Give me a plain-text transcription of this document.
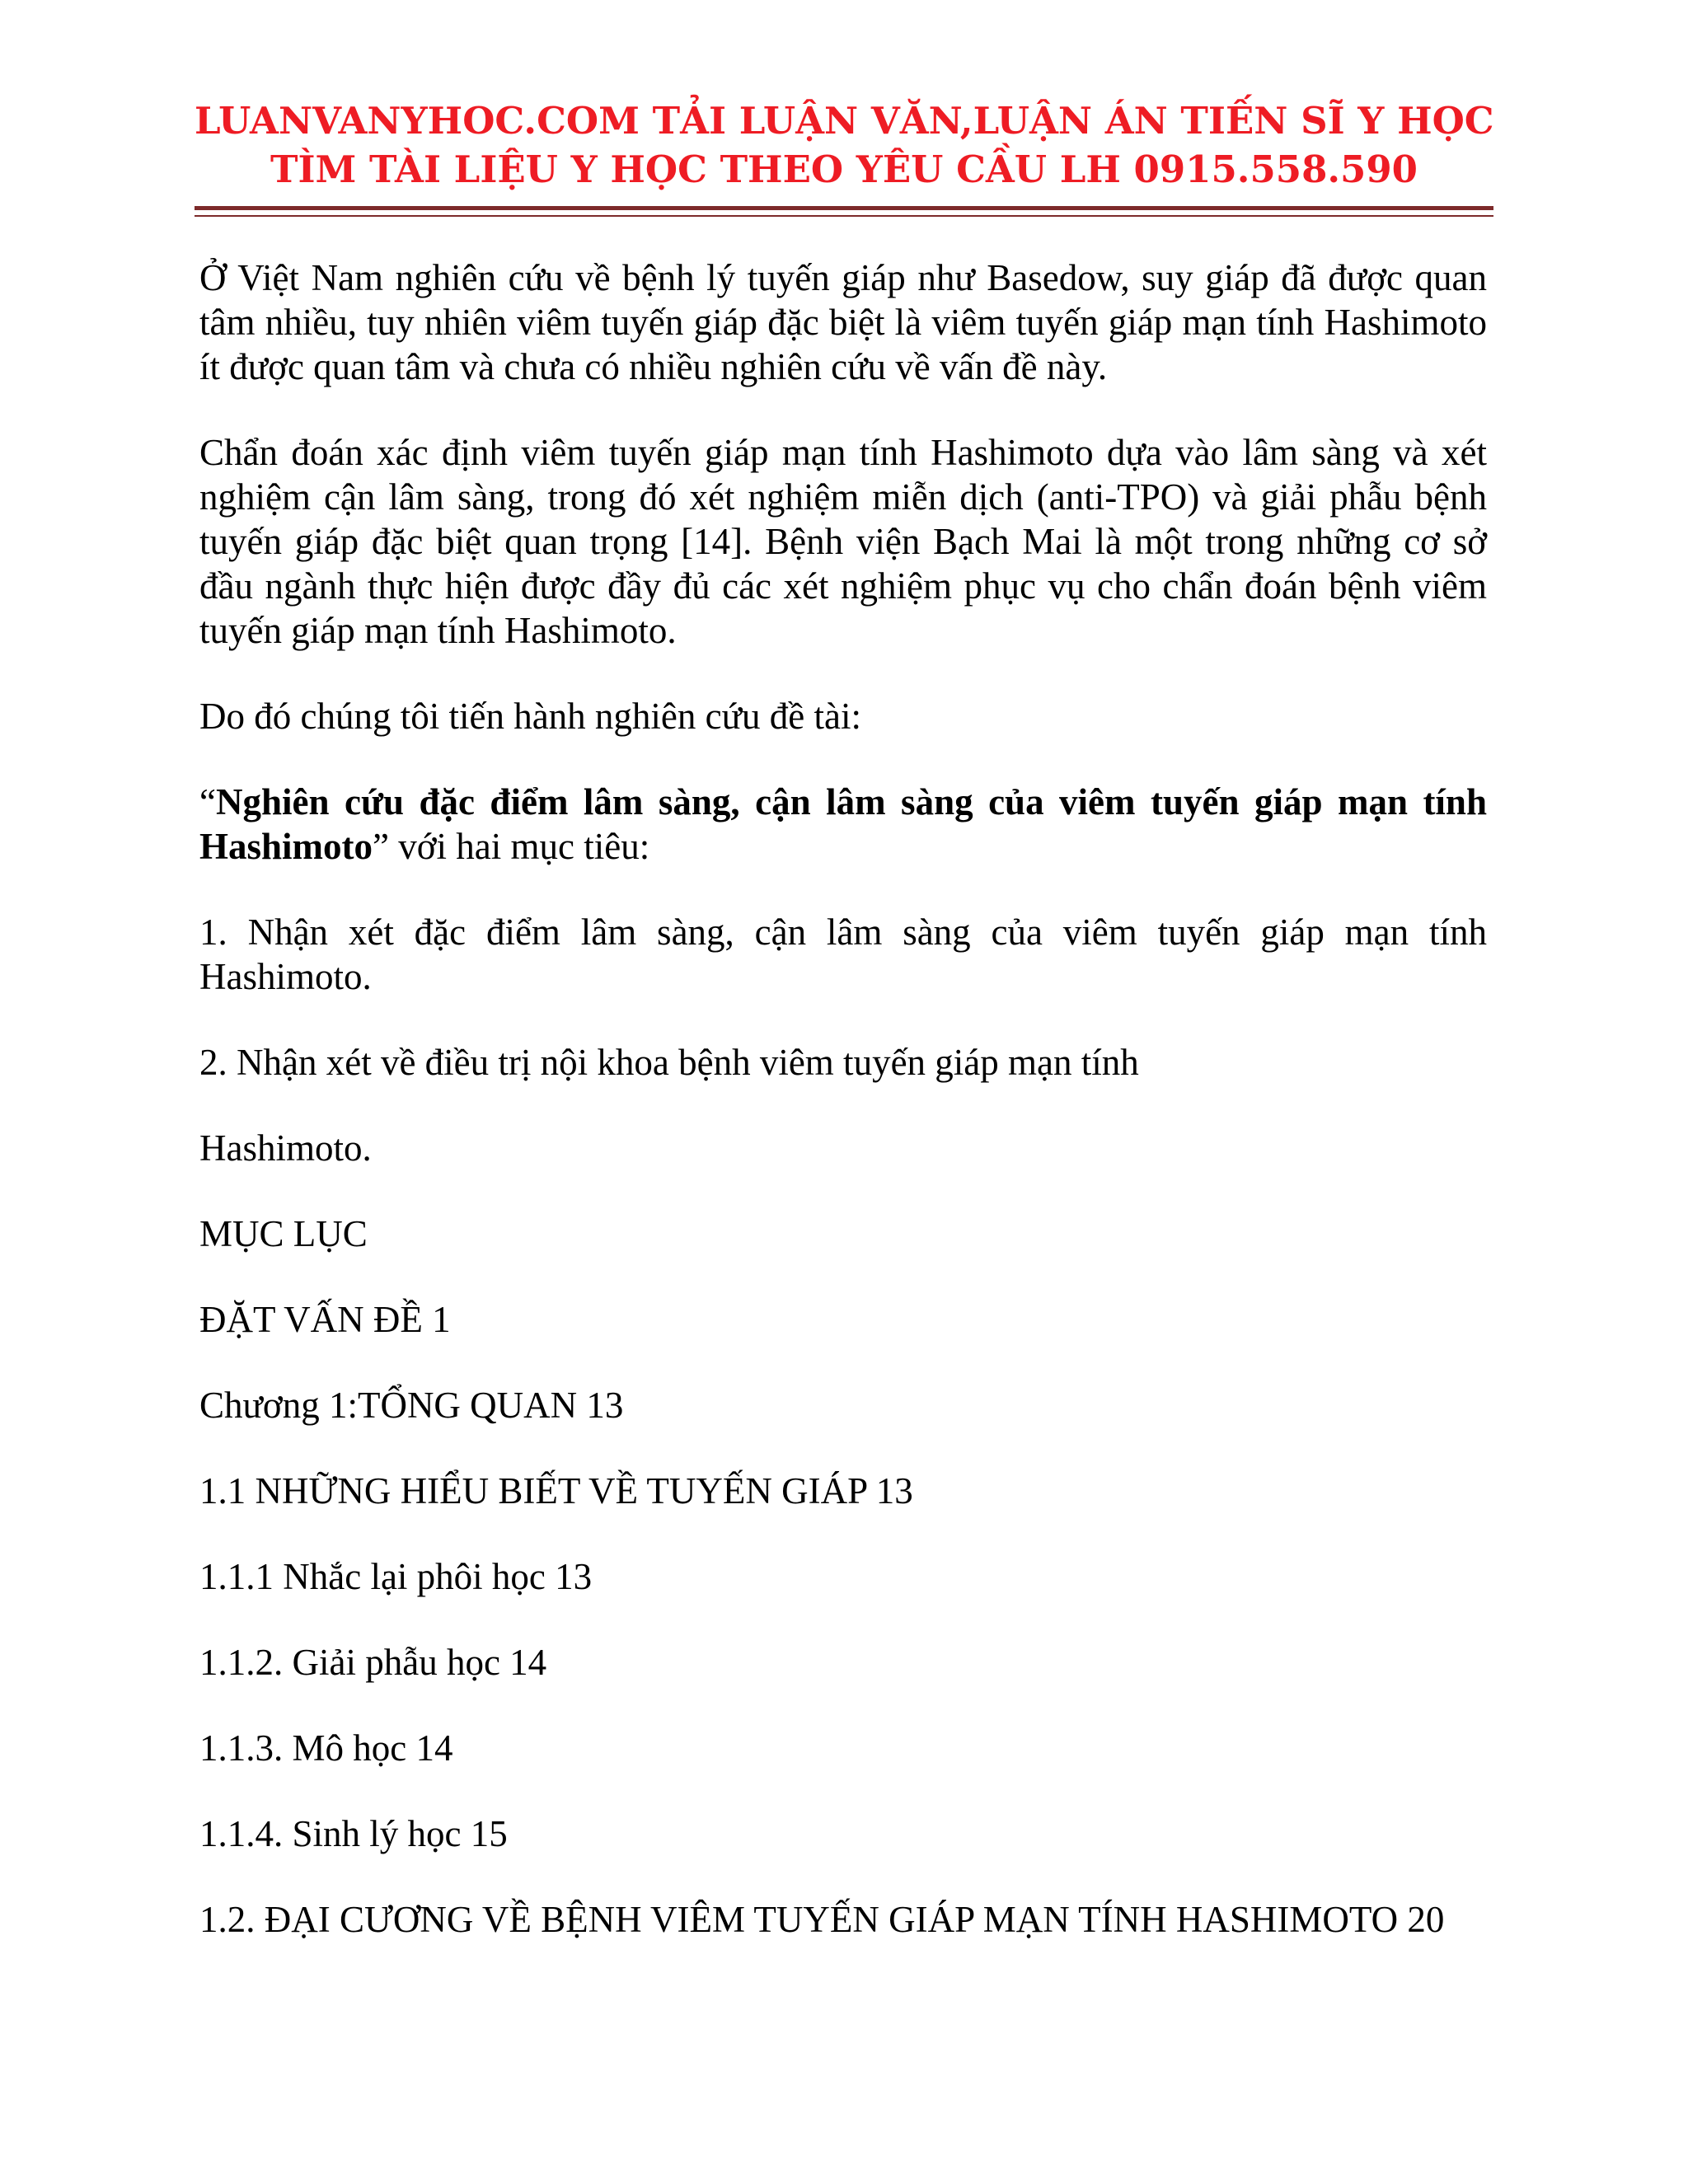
LUANVANYHOC.COM TẢI LUẬN VĂN,LUẬN ÁN TIẾN SĨ Y HỌC
TÌM TÀI LIỆU Y HỌC THEO YÊU CẦU LH 0915.558.590

Ở Việt Nam nghiên cứu về bệnh lý tuyến giáp như Basedow, suy giáp đã được quan tâm nhiều, tuy nhiên viêm tuyến giáp đặc biệt là viêm tuyến giáp mạn tính Hashimoto ít được quan tâm và chưa có nhiều nghiên cứu về vấn đề này.

Chẩn đoán xác định viêm tuyến giáp mạn tính Hashimoto dựa vào lâm sàng và xét nghiệm cận lâm sàng, trong đó xét nghiệm miễn dịch (anti-TPO) và giải phẫu bệnh tuyến giáp đặc biệt quan trọng [14]. Bệnh viện Bạch Mai là một trong những cơ sở đầu ngành thực hiện được đầy đủ các xét nghiệm phục vụ cho chẩn đoán bệnh viêm tuyến giáp mạn tính Hashimoto.

Do đó chúng tôi tiến hành nghiên cứu đề tài:

“Nghiên cứu đặc điểm lâm sàng, cận lâm sàng của viêm tuyến giáp mạn tính Hashimoto” với hai mục tiêu:

1. Nhận xét đặc điểm lâm sàng, cận lâm sàng của viêm tuyến giáp mạn tính Hashimoto.

2. Nhận xét về điều trị nội khoa bệnh viêm tuyến giáp mạn tính

Hashimoto.

MỤC LỤC

ĐẶT VẤN ĐỀ 1

Chương 1:TỔNG QUAN 13

1.1 NHỮNG HIỂU BIẾT VỀ TUYẾN GIÁP 13

1.1.1 Nhắc lại phôi học 13

1.1.2. Giải phẫu học 14

1.1.3. Mô học 14

1.1.4. Sinh lý học 15

1.2. ĐẠI CƯƠNG VỀ BỆNH VIÊM TUYẾN GIÁP MẠN TÍNH HASHIMOTO 20
